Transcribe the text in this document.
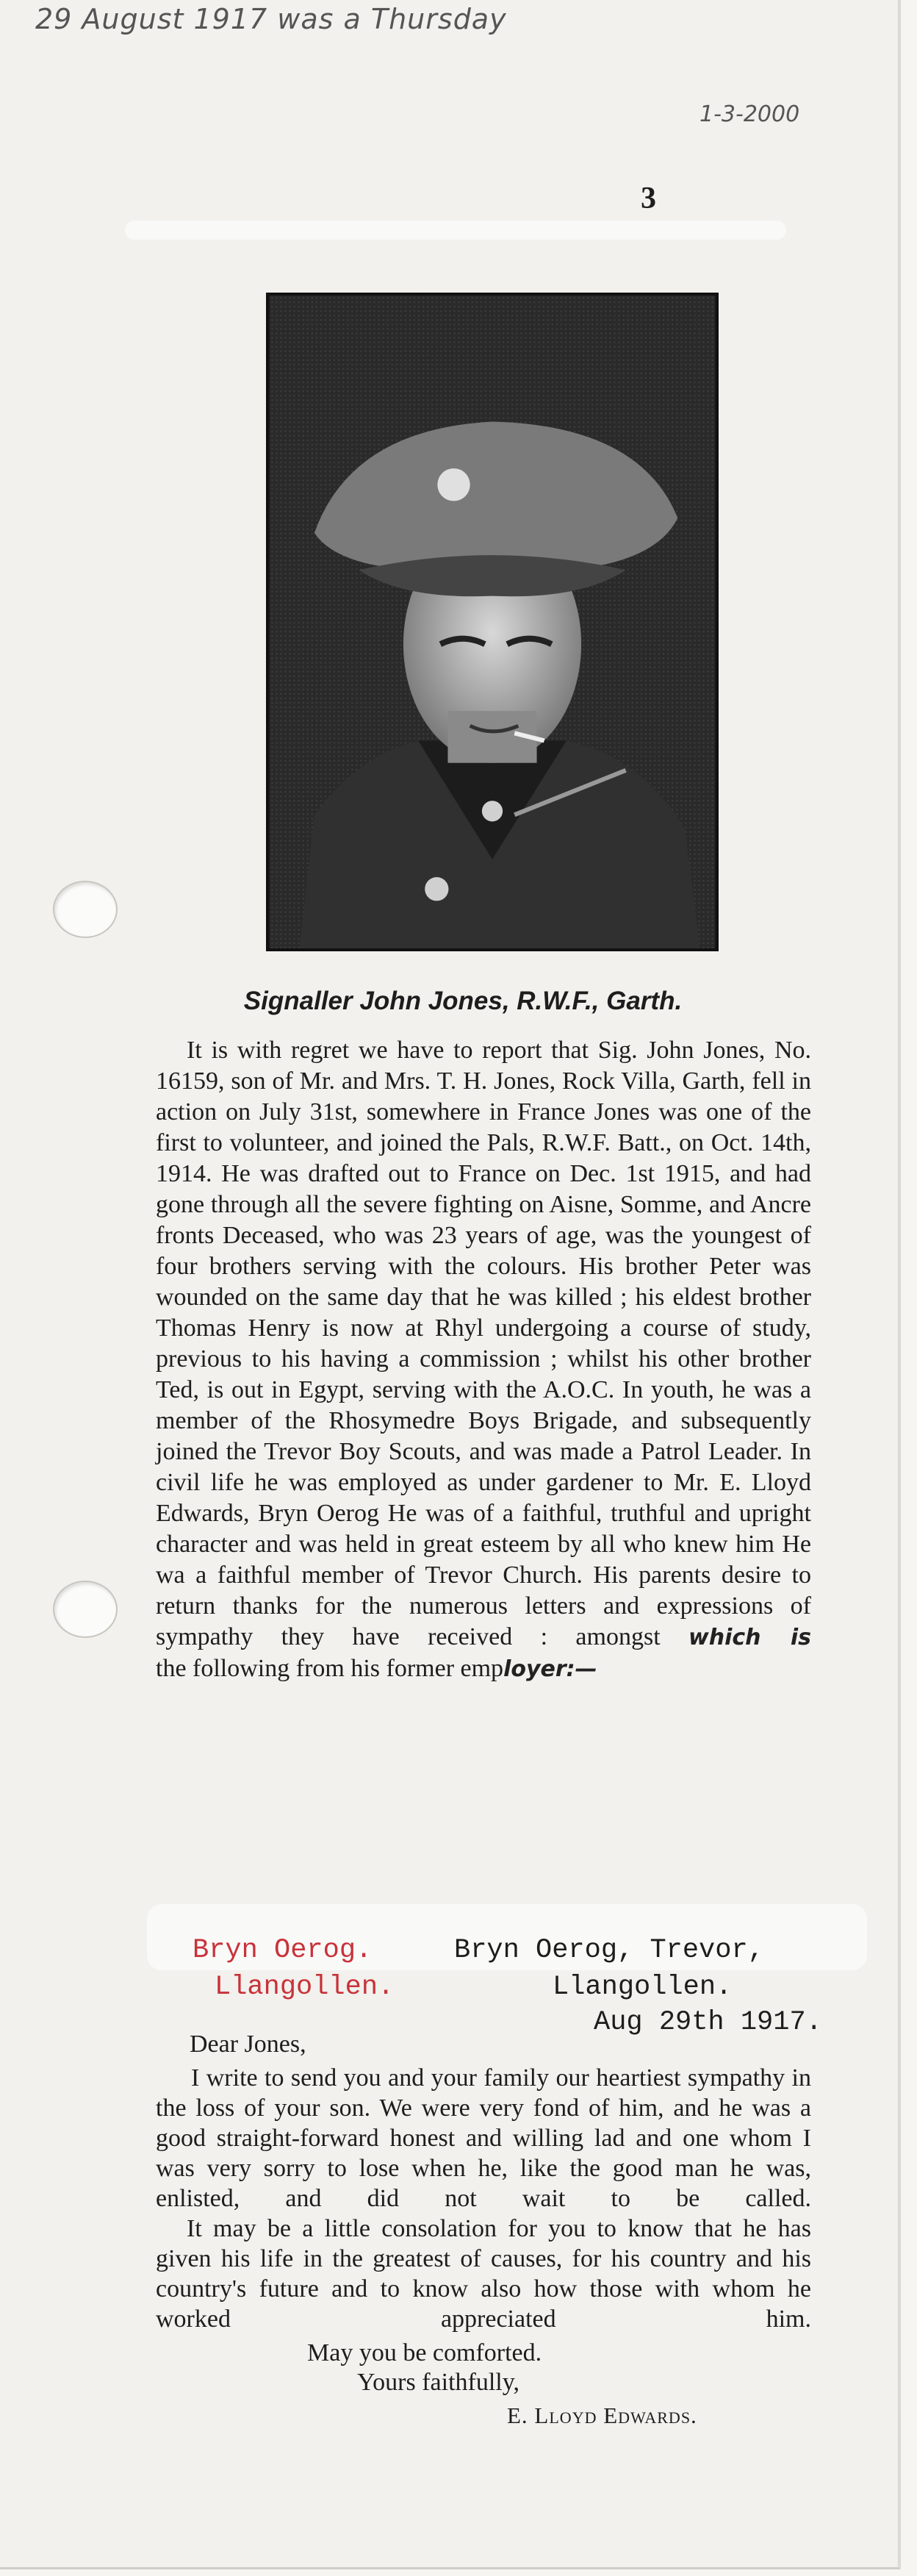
29 August 1917 was a Thursday
1-3-2000
3
Signaller John Jones, R.W.F., Garth.

It is with regret we have to report that Sig. John Jones, No. 16159, son of Mr. and Mrs. T. H. Jones, Rock Villa, Garth, fell in action on July 31st, somewhere in France Jones was one of the first to volunteer, and joined the Pals, R.W.F. Batt., on Oct. 14th, 1914. He was drafted out to France on Dec. 1st 1915, and had gone through all the severe fighting on Aisne, Somme, and Ancre fronts Deceased, who was 23 years of age, was the youngest of four brothers serving with the colours. His brother Peter was wounded on the same day that he was killed ; his eldest brother Thomas Henry is now at Rhyl undergoing a course of study, previous to his having a commission ; whilst his other brother Ted, is out in Egypt, serving with the A.O.C. In youth, he was a member of the Rhosymedre Boys Brigade, and subsequently joined the Trevor Boy Scouts, and was made a Patrol Leader. In civil life he was employed as under gardener to Mr. E. Lloyd Edwards, Bryn Oerog He was of a faithful, truthful and upright character and was held in great esteem by all who knew him He wa a faithful member of Trevor Church. His parents desire to return thanks for the numerous letters and expressions of sympathy they have received : amongst which is

the following from his former employer:—
Bryn Oerog.
Llangollen.
Bryn Oerog, Trevor,
Llangollen.
Aug 29th 1917.
Dear Jones,

I write to send you and your family our heartiest sympathy in the loss of your son. We were very fond of him, and he was a good straight-forward honest and willing lad and one whom I was very sorry to lose when he, like the good man he was, enlisted, and did not wait to be called.

It may be a little consolation for you to know that he has given his life in the greatest of causes, for his country and his country's future and to know also how those with whom he worked appreciated him.

May you be comforted.
Yours faithfully,
E. Lloyd Edwards.
